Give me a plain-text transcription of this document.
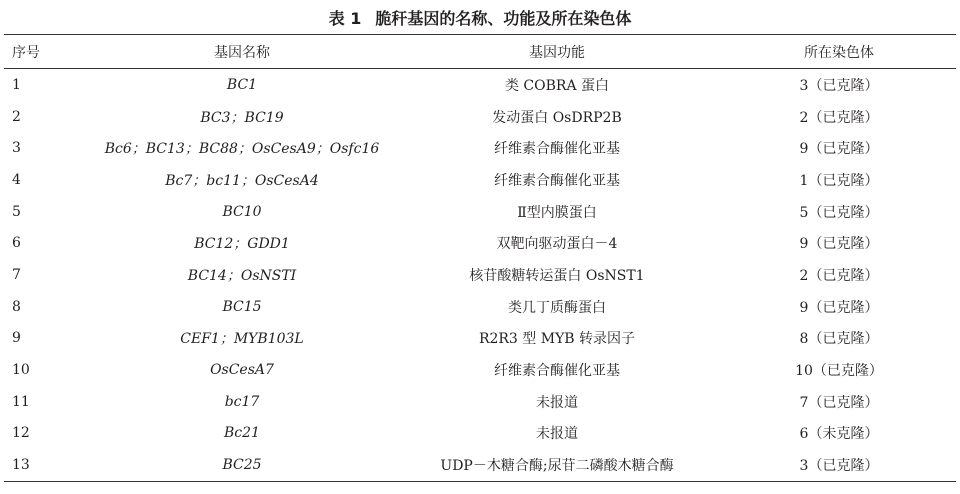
表 1 脆秆基因的名称、功能及所在染色体
序号	基因名称	基因功能	所在染色体
1	BC1	类 COBRA 蛋白	3（已克隆）
2	BC3；BC19	发动蛋白 OsDRP2B	2（已克隆）
3	Bc6；BC13；BC88；OsCesA9；Osfc16	纤维素合酶催化亚基	9（已克隆）
4	Bc7；bc11；OsCesA4	纤维素合酶催化亚基	1（已克隆）
5	BC10	Ⅱ型内膜蛋白	5（已克隆）
6	BC12；GDD1	双靶向驱动蛋白－4	9（已克隆）
7	BC14；OsNSTI	核苷酸糖转运蛋白 OsNST1	2（已克隆）
8	BC15	类几丁质酶蛋白	9（已克隆）
9	CEF1；MYB103L	R2R3 型 MYB 转录因子	8（已克隆）
10	OsCesA7	纤维素合酶催化亚基	10（已克隆）
11	bc17	未报道	7（已克隆）
12	Bc21	未报道	6（未克隆）
13	BC25	UDP－木糖合酶;尿苷二磷酸木糖合酶	3（已克隆）
